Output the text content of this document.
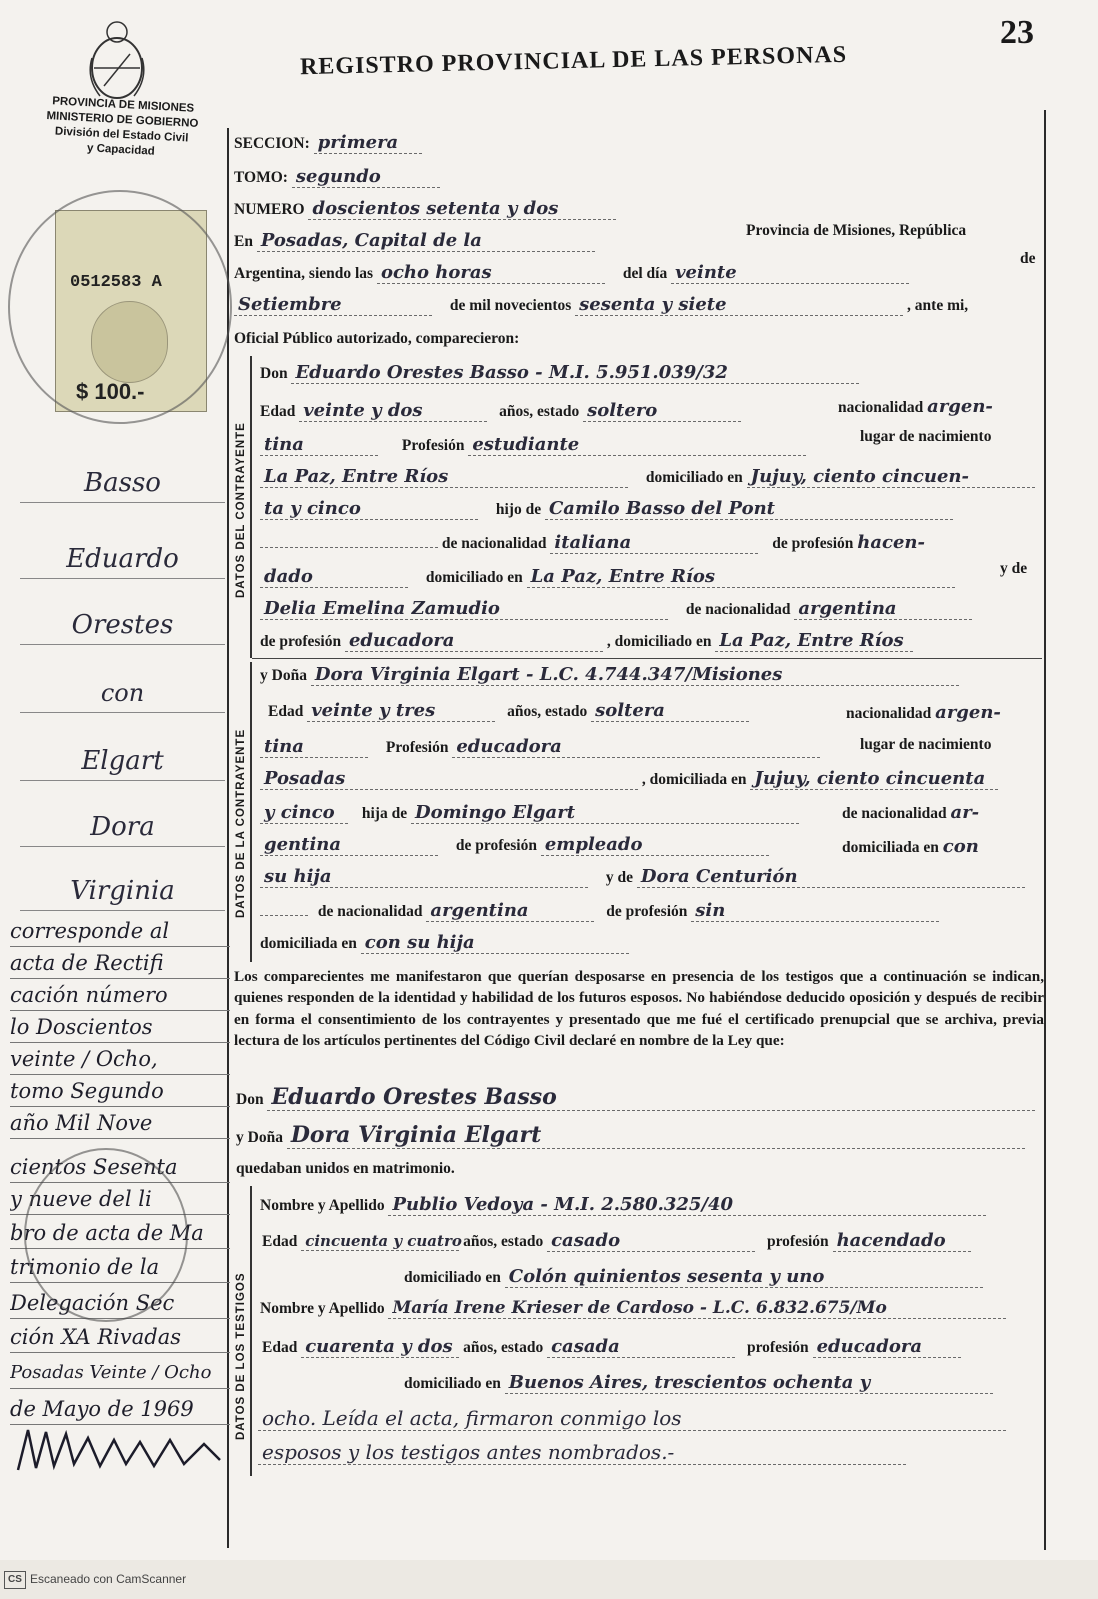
PROVINCIA DE MISIONES
MINISTERIO DE GOBIERNO
División del Estado Civil
y Capacidad
REGISTRO PROVINCIAL DE LAS PERSONAS
23
0512583 A
$ 100.-
SECCION: primera
TOMO: segundo
NUMERO doscientos setenta y dos
En Posadas, Capital de la	Provincia de Misiones, República
Argentina, siendo las ocho horas	del día veinte
de
Setiembre	de mil novecientos sesenta y siete	, ante mi,
Oficial Público autorizado, comparecieron:
DATOS DEL CONTRAYENTE
Don Eduardo Orestes Basso - M.I. 5.951.039/32
Edad veinte y dos	años, estado soltero	nacionalidad argen-
tina	Profesión estudiante	lugar de nacimiento
La Paz, Entre Ríos	domiciliado en Jujuy, ciento cincuen-
ta y cinco	hijo de Camilo Basso del Pont
de nacionalidad italiana	de profesión hacen-
dado	domiciliado en La Paz, Entre Ríos	y de
Delia Emelina Zamudio	de nacionalidad argentina
de profesión educadora	, domiciliado en La Paz, Entre Ríos
DATOS DE LA CONTRAYENTE
y Doña Dora Virginia Elgart - L.C. 4.744.347/Misiones
Edad veinte y tres	años, estado soltera	nacionalidad argen-
tina	Profesión educadora	lugar de nacimiento
Posadas	, domiciliada en Jujuy, ciento cincuenta
y cinco hija de Domingo Elgart	de nacionalidad ar-
gentina	de profesión empleado	domiciliada en con
su hija	y de Dora Centurión
de nacionalidad argentina	de profesión sin
domiciliada en con su hija
Los comparecientes me manifestaron que querían desposarse en presencia de los testigos que a continuación se indican, quienes responden de la identidad y habilidad de los futuros esposos. No habiéndose deducido oposición y después de recibir en forma el consentimiento de los contrayentes y presentado que me fué el certificado prenupcial que se archiva, previa lectura de los artículos pertinentes del Código Civil declaré en nombre de la Ley que:
Don Eduardo Orestes Basso
y Doña Dora Virginia Elgart
quedaban unidos en matrimonio.
DATOS DE LOS TESTIGOS
Nombre y Apellido Publio Vedoya - M.I. 2.580.325/40
Edad cincuenta y cuatro años, estado casado	profesión hacendado
domiciliado en Colón quinientos sesenta y uno
Nombre y Apellido María Irene Krieser de Cardoso - L.C. 6.832.675/Mo
Edad cuarenta y dos años, estado casada	profesión educadora
domiciliado en Buenos Aires, trescientos ochenta y
ocho. Leída el acta, firmaron conmigo los
esposos y los testigos antes nombrados.-
Basso
Eduardo
Orestes
con
Elgart
Dora
Virginia
corresponde al
acta de Rectifi
cación número
lo Doscientos
veinte / Ocho,
tomo Segundo
año Mil Nove
cientos Sesenta
y nueve del li
bro de acta de Ma
trimonio de la
Delegación Sec
ción XA Rivadas
Posadas Veinte / Ocho
de Mayo de 1969
CS Escaneado con CamScanner
